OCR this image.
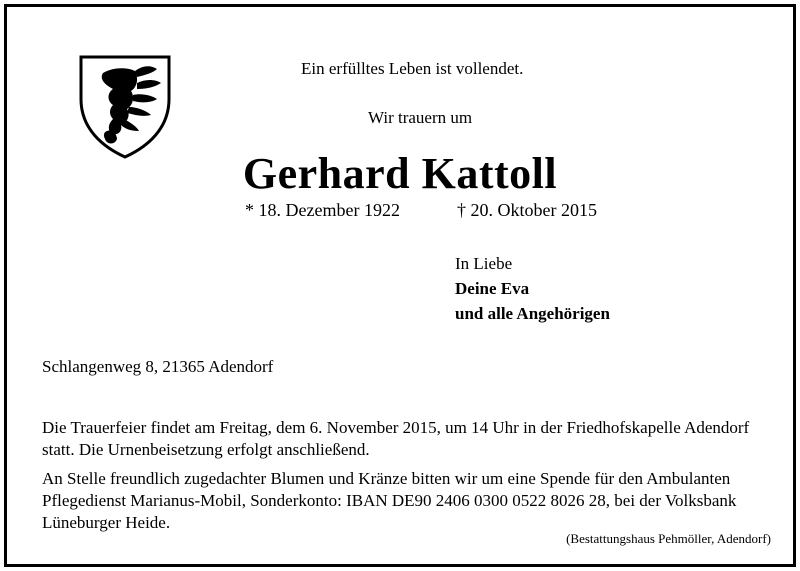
Ein erfülltes Leben ist vollendet.
Wir trauern um
Gerhard Kattoll
* 18. Dezember 1922	† 20. Oktober 2015
In Liebe
Deine Eva
und alle Angehörigen
Schlangenweg 8, 21365 Adendorf
Die Trauerfeier findet am Freitag, dem 6. November 2015, um 14 Uhr in der Friedhofskapelle Adendorf statt. Die Urnenbeisetzung erfolgt anschließend.
An Stelle freundlich zugedachter Blumen und Kränze bitten wir um eine Spende für den Ambulanten Pflegedienst Marianus-Mobil, Sonderkonto: IBAN DE90 2406 0300 0522 8026 28, bei der Volksbank Lüneburger Heide.
(Bestattungshaus Pehmöller, Adendorf)
